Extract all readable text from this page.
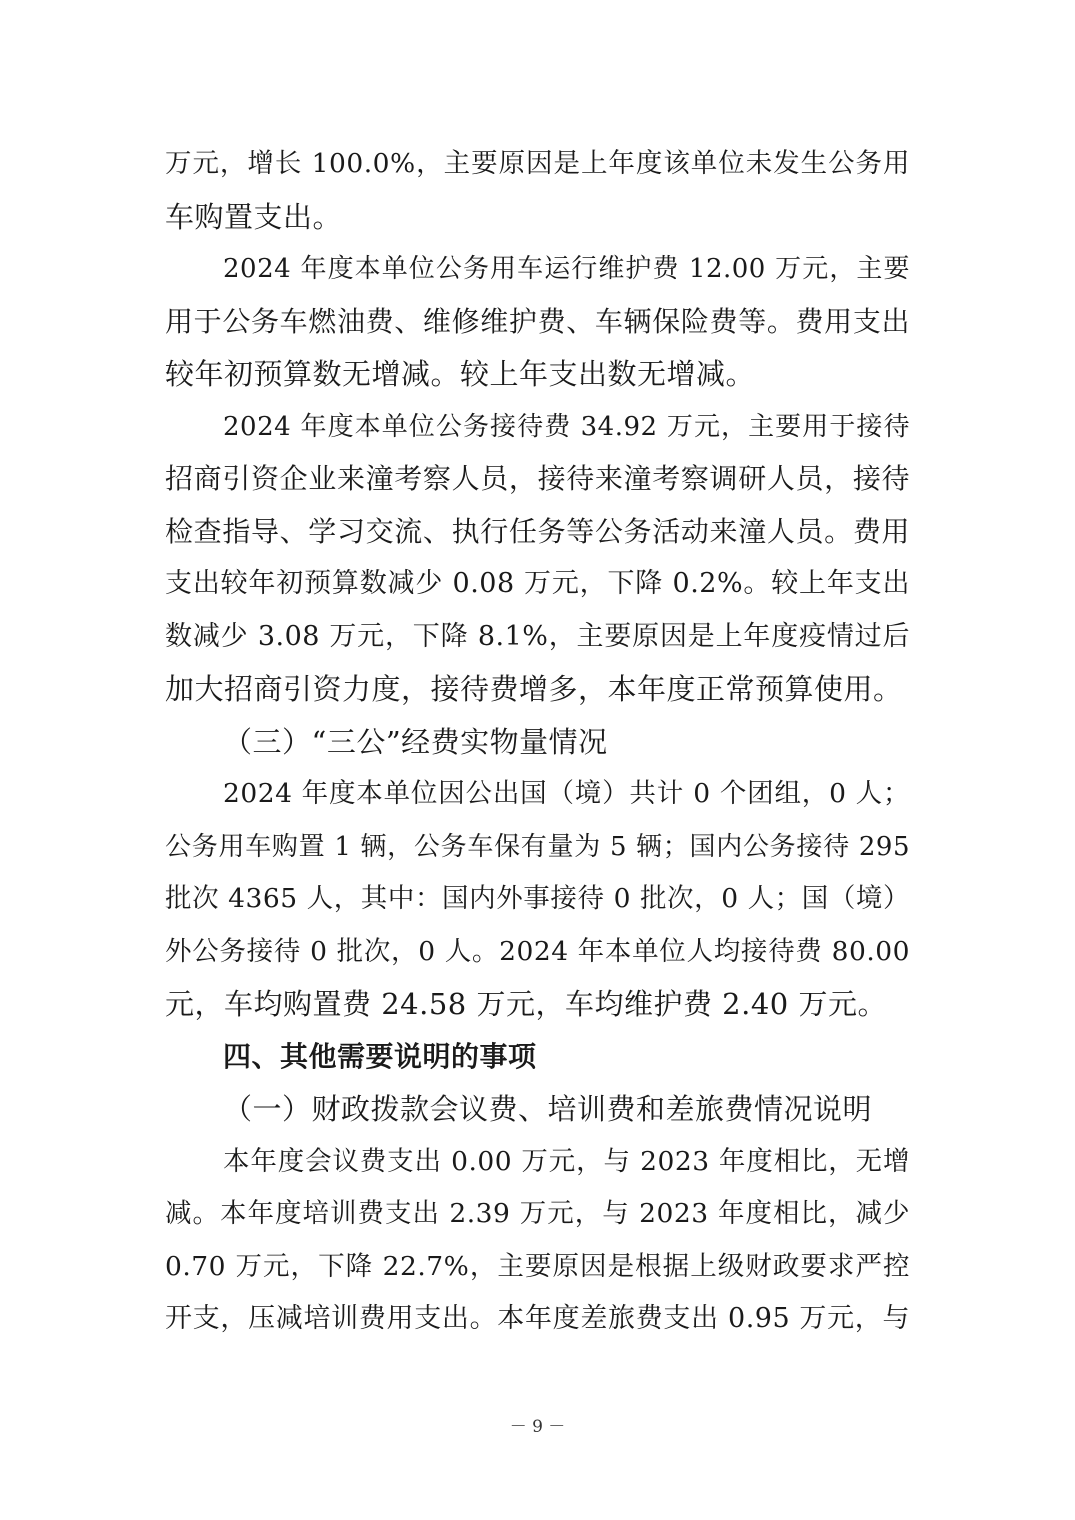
万元，增长 100.0%，主要原因是上年度该单位未发生公务用
车购置支出。
2024 年度本单位公务用车运行维护费 12.00 万元，主要
用于公务车燃油费、维修维护费、车辆保险费等。费用支出
较年初预算数无增减。较上年支出数无增减。
2024 年度本单位公务接待费 34.92 万元，主要用于接待
招商引资企业来潼考察人员，接待来潼考察调研人员，接待
检查指导、学习交流、执行任务等公务活动来潼人员。费用
支出较年初预算数减少 0.08 万元，下降 0.2%。较上年支出
数减少 3.08 万元，下降 8.1%，主要原因是上年度疫情过后
加大招商引资力度，接待费增多，本年度正常预算使用。
（三）“三公”经费实物量情况
2024 年度本单位因公出国（境）共计 0 个团组，0 人；
公务用车购置 1 辆，公务车保有量为 5 辆；国内公务接待 295
批次 4365 人，其中：国内外事接待 0 批次，0 人；国（境）
外公务接待 0 批次，0 人。2024 年本单位人均接待费 80.00
元，车均购置费 24.58 万元，车均维护费 2.40 万元。
四、其他需要说明的事项
（一）财政拨款会议费、培训费和差旅费情况说明
本年度会议费支出 0.00 万元，与 2023 年度相比，无增
减。本年度培训费支出 2.39 万元，与 2023 年度相比，减少
0.70 万元，下降 22.7%，主要原因是根据上级财政要求严控
开支，压减培训费用支出。本年度差旅费支出 0.95 万元，与
－ 9 －
